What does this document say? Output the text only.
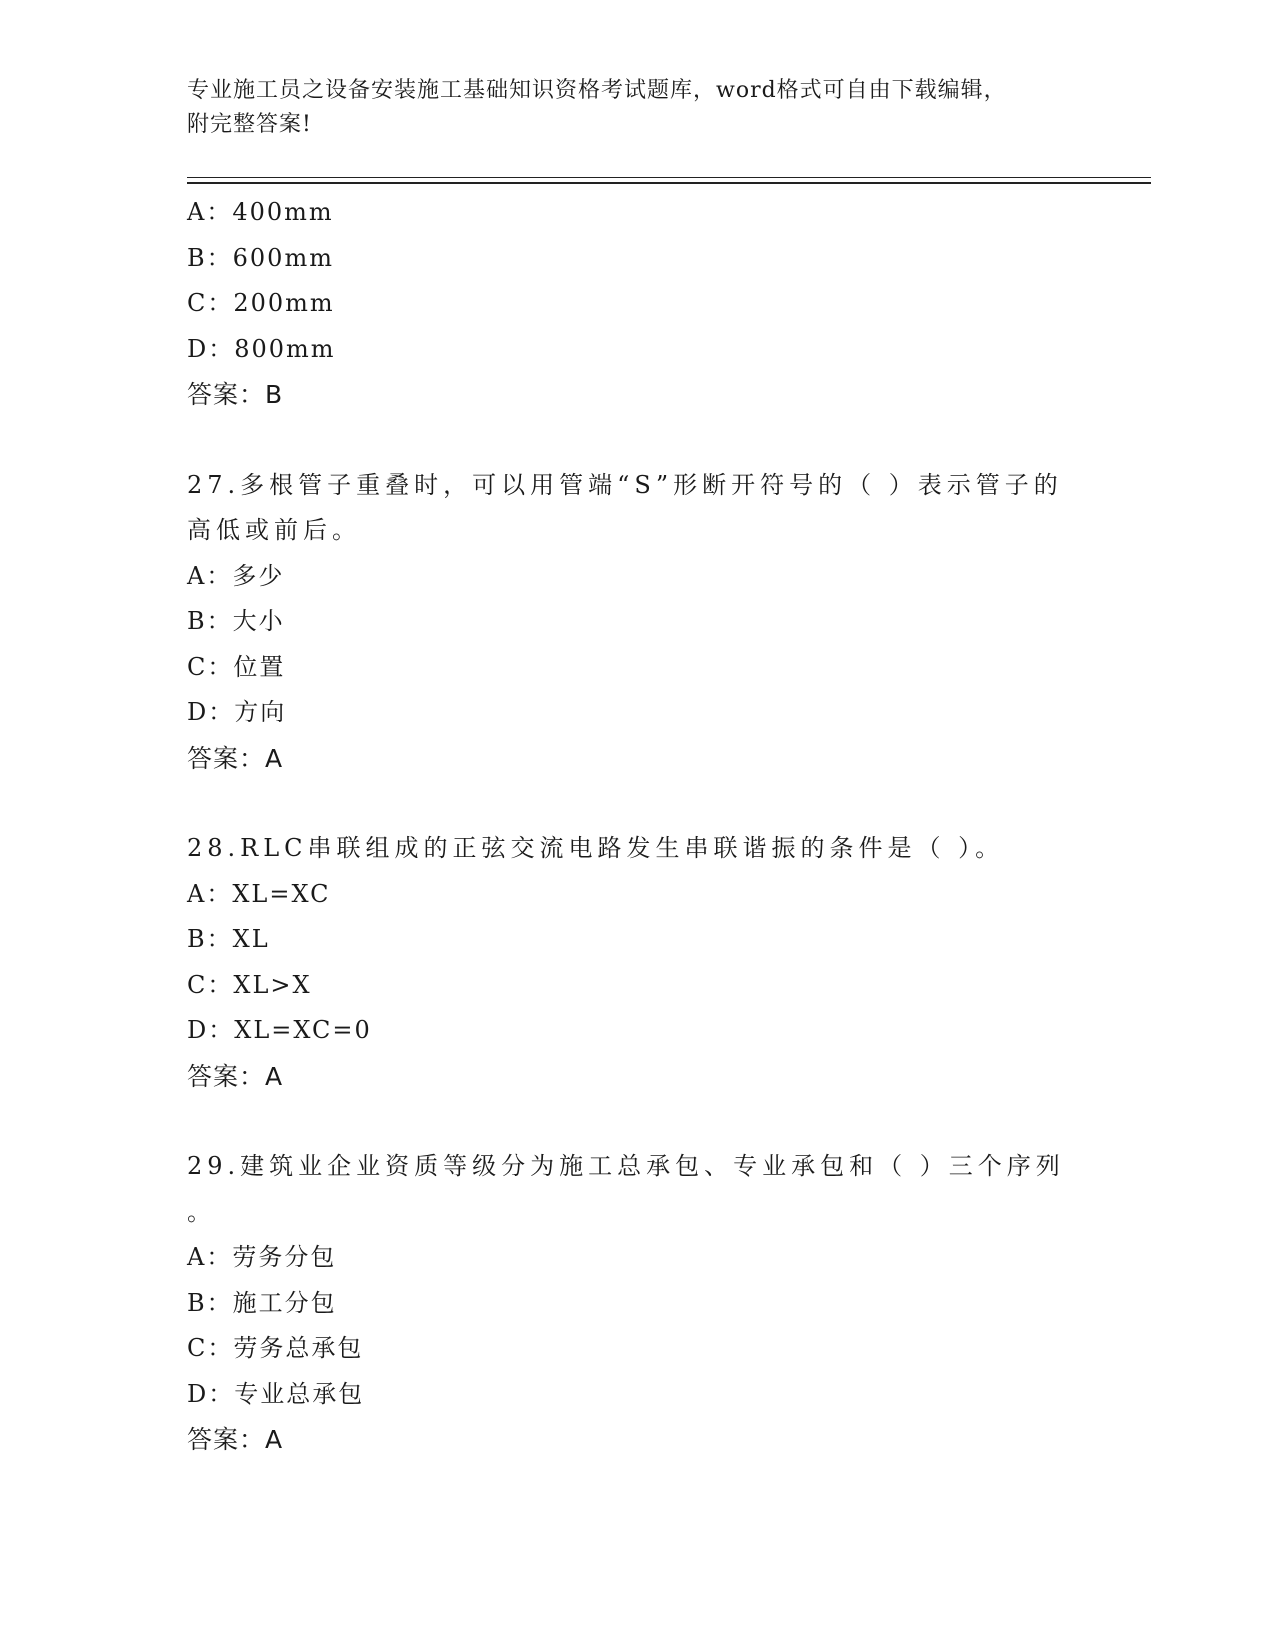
专业施工员之设备安装施工基础知识资格考试题库，word格式可自由下载编辑，
附完整答案!
A：400mm
B：600mm
C：200mm
D：800mm
答案：B
27.多根管子重叠时，可以用管端“S”形断开符号的（ ）表示管子的
高低或前后。
A：多少
B：大小
C：位置
D：方向
答案：A
28.RLC串联组成的正弦交流电路发生串联谐振的条件是（ ）。
A：XL=XC
B：XL
C：XL>X
D：XL=XC=0
答案：A
29.建筑业企业资质等级分为施工总承包、专业承包和（ ）三个序列
。
A：劳务分包
B：施工分包
C：劳务总承包
D：专业总承包
答案：A
